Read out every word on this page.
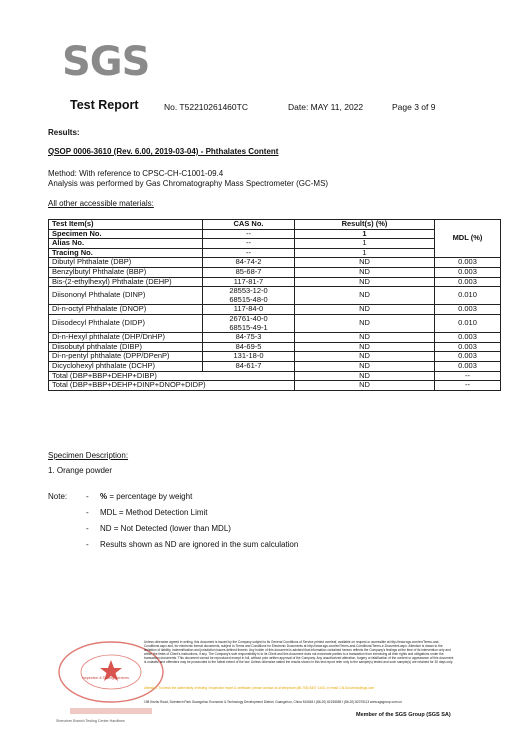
SGS
Test Report	No. T52210261460TC	Date: MAY 11, 2022	Page 3 of 9
Results:
QSOP 0006-3610 (Rev. 6.00, 2019-03-04) - Phthalates Content
Method: With reference to CPSC-CH-C1001-09.4
Analysis was performed by Gas Chromatography Mass Spectrometer (GC-MS)
All other accessible materials:
Test Item(s)	CAS No.	Result(s) (%)	MDL (%)
Specimen No.	--	1	
Alias No.	--	1	
Tracing No.	--	1	
Dibutyl Phthalate (DBP)	84-74-2	ND	0.003
Benzylbutyl Phthalate (BBP)	85-68-7	ND	0.003
Bis-(2-ethylhexyl) Phthalate (DEHP)	117-81-7	ND	0.003
Diisononyl Phthalate (DINP)	28553-12-0
68515-48-0	ND	0.010
Di-n-octyl Phthalate (DNOP)	117-84-0	ND	0.003
Diisodecyl Phthalate (DIDP)	26761-40-0
68515-49-1	ND	0.010
Di-n-Hexyl phthalate (DHP/DnHP)	84-75-3	ND	0.003
Diisobutyl phthalate (DIBP)	84-69-5	ND	0.003
Di-n-pentyl phthalate (DPP/DPenP)	131-18-0	ND	0.003
Dicyclohexyl phthalate (DCHP)	84-61-7	ND	0.003
Total (DBP+BBP+DEHP+DIBP)		ND	--
Total (DBP+BBP+DEHP+DINP+DNOP+DIDP)		ND	--
Specimen Description:
1. Orange powder
Note: - % = percentage by weight
- MDL = Method Detection Limit
- ND = Not Detected (lower than MDL)
- Results shown as ND are ignored in the sum calculation
Inspection & Testing Services
Shenzhen Branch Testing Center Hardlines
Unless otherwise agreed in writing, this document is issued by the Company subject to its General Conditions of Service printed overleaf, available on request or accessible at http://www.sgs.com/en/Terms-and-Conditions.aspx and, for electronic format documents, subject to Terms and Conditions for Electronic Documents at http://www.sgs.com/en/Terms-and-Conditions/Terms-e-Document.aspx. Attention is drawn to the limitation of liability, indemnification and jurisdiction issues defined therein. Any holder of this document is advised that information contained hereon reflects the Company's findings at the time of its intervention only and within the limits of Client's instructions, if any. The Company's sole responsibility is to its Client and this document does not exonerate parties to a transaction from exercising all their rights and obligations under the transaction documents. This document cannot be reproduced except in full, without prior written approval of the Company. Any unauthorized alteration, forgery or falsification of the content or appearance of this document is unlawful and offenders may be prosecuted to the fullest extent of the law. Unless otherwise stated the results shown in this test report refer only to the sample(s) tested and such sample(s) are retained for 30 days only.
Attention: To check the authenticity of testing / inspection report & certificate, please contact us at telephone:(86-755) 8307 1443, or email: CN.Doccheck@sgs.com
198 Kezhu Road, Scientech Park Guangzhou Economic & Technology Development District, Guangzhou, China 510663 t (86-20) 82155555 f (86-20) 82075113 www.sgsgroup.com.cn
Member of the SGS Group (SGS SA)
